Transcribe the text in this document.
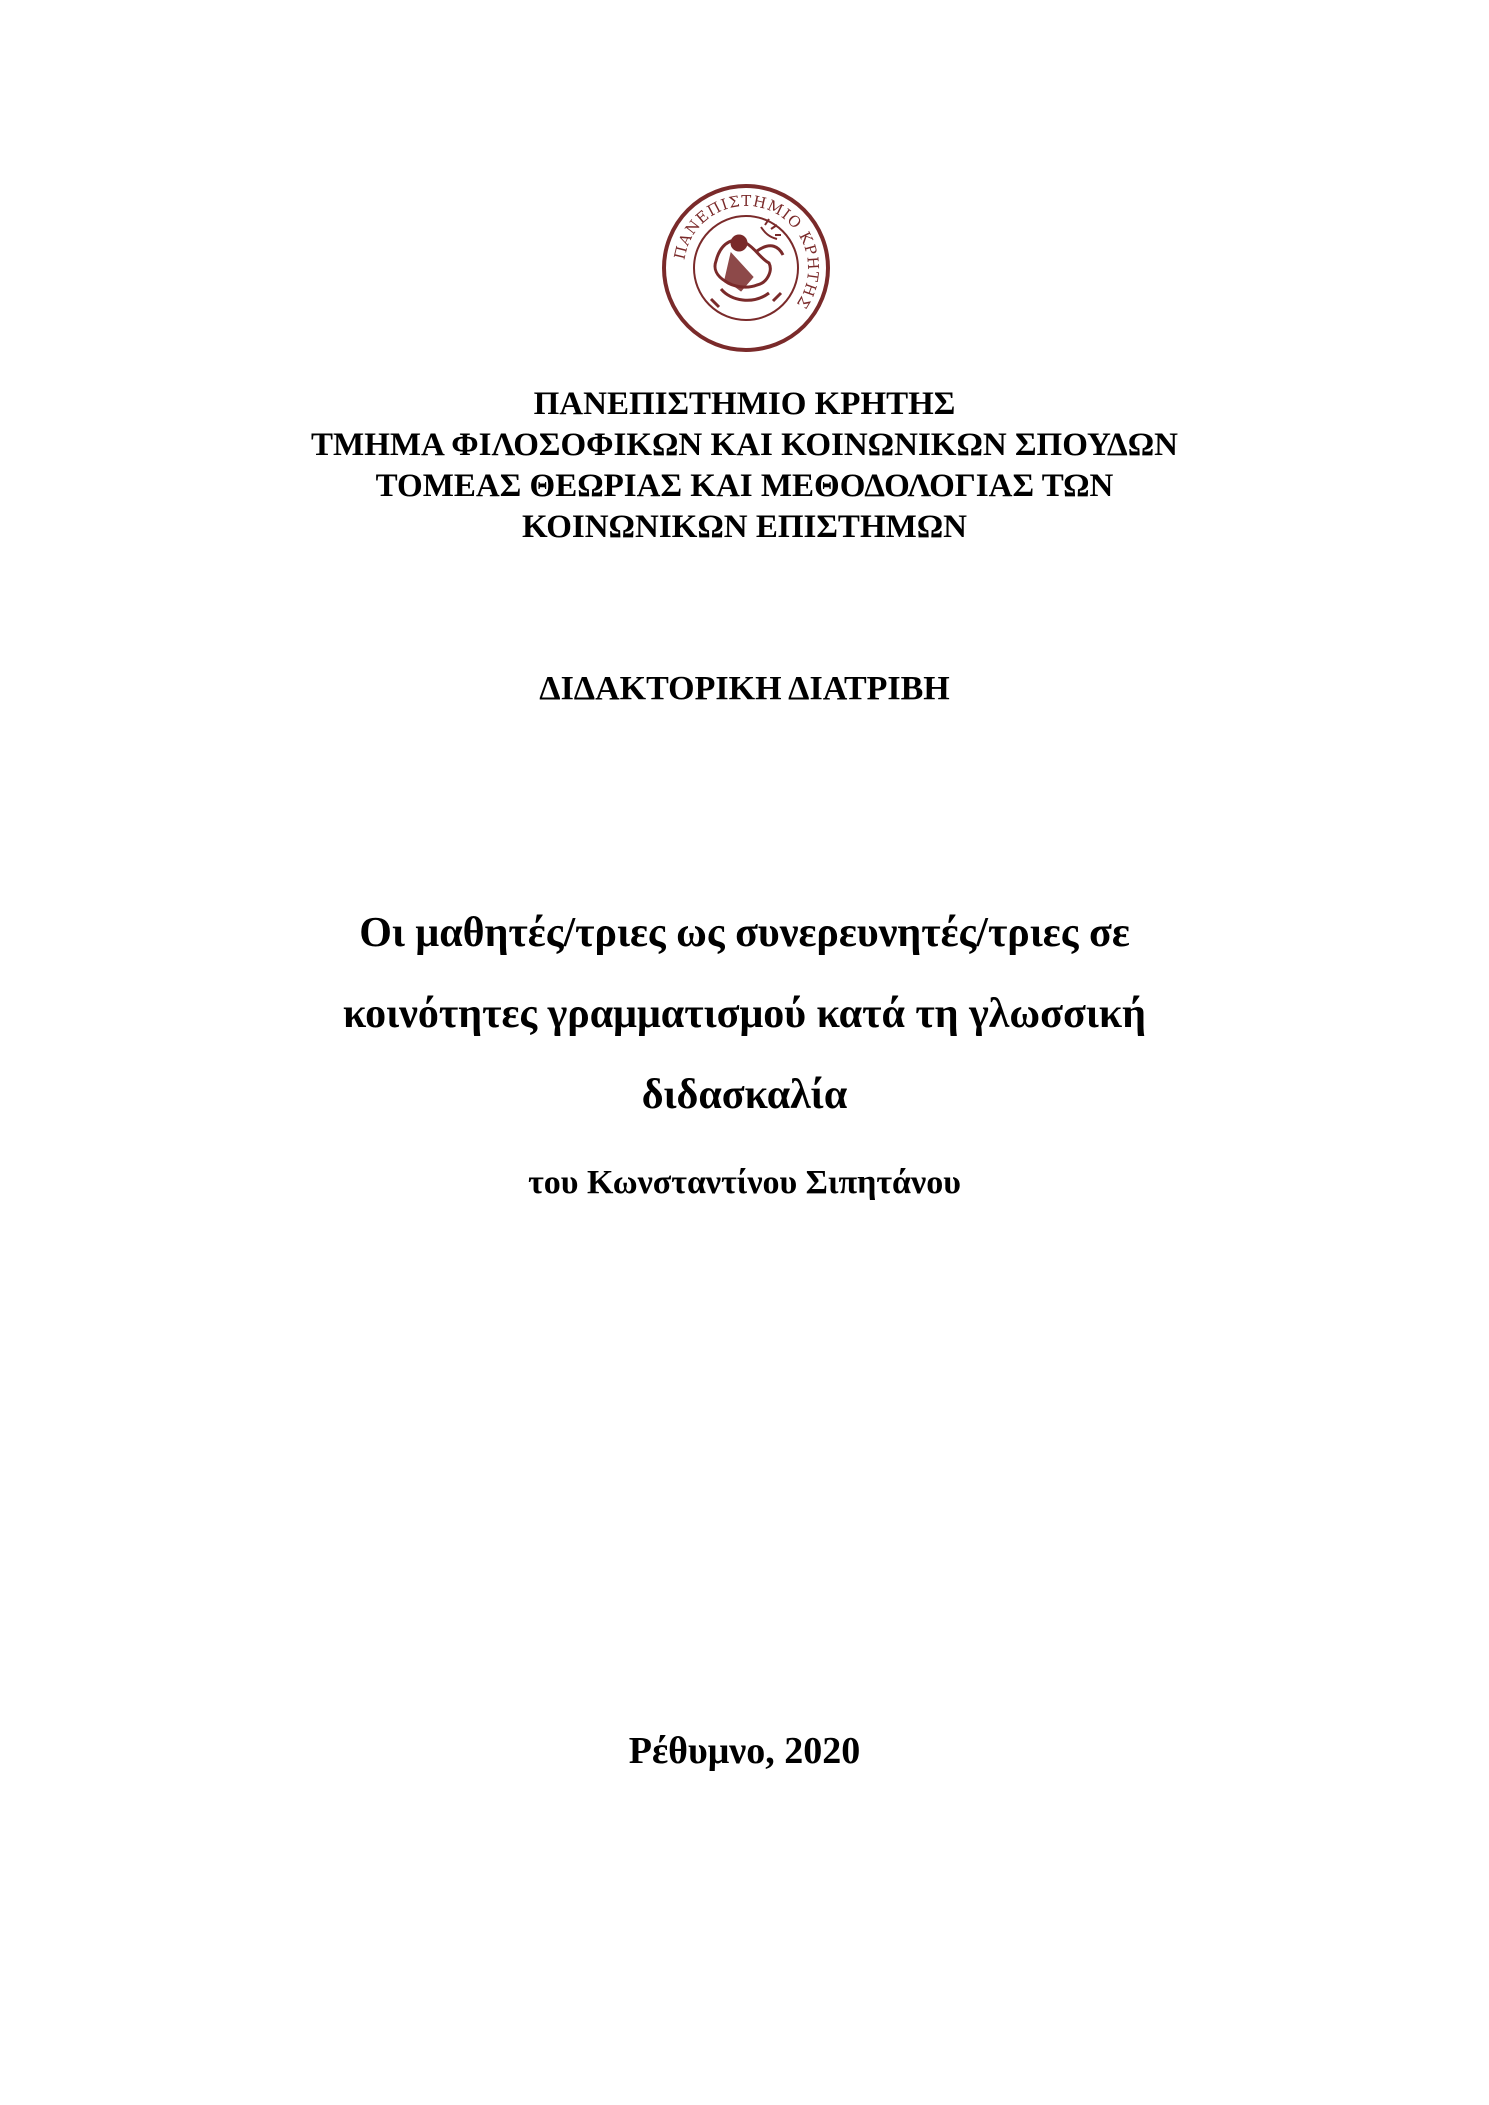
ΠΑΝΕΠΙΣΤΗΜΙΟ ΚΡΗΤΗΣ
ΠΑΝΕΠΙΣΤΗΜΙΟ ΚΡΗΤΗΣ
ΤΜΗΜΑ ΦΙΛΟΣΟΦΙΚΩΝ ΚΑΙ ΚΟΙΝΩΝΙΚΩΝ ΣΠΟΥΔΩΝ
ΤΟΜΕΑΣ ΘΕΩΡΙΑΣ ΚΑΙ ΜΕΘΟΔΟΛΟΓΙΑΣ ΤΩΝ
ΚΟΙΝΩΝΙΚΩΝ ΕΠΙΣΤΗΜΩΝ
ΔΙΔΑΚΤΟΡΙΚΗ ΔΙΑΤΡΙΒΗ
Οι μαθητές/τριες ως συνερευνητές/τριες σε
κοινότητες γραμματισμού κατά τη γλωσσική
διδασκαλία
του Κωνσταντίνου Σιπητάνου
Ρέθυμνο, 2020
